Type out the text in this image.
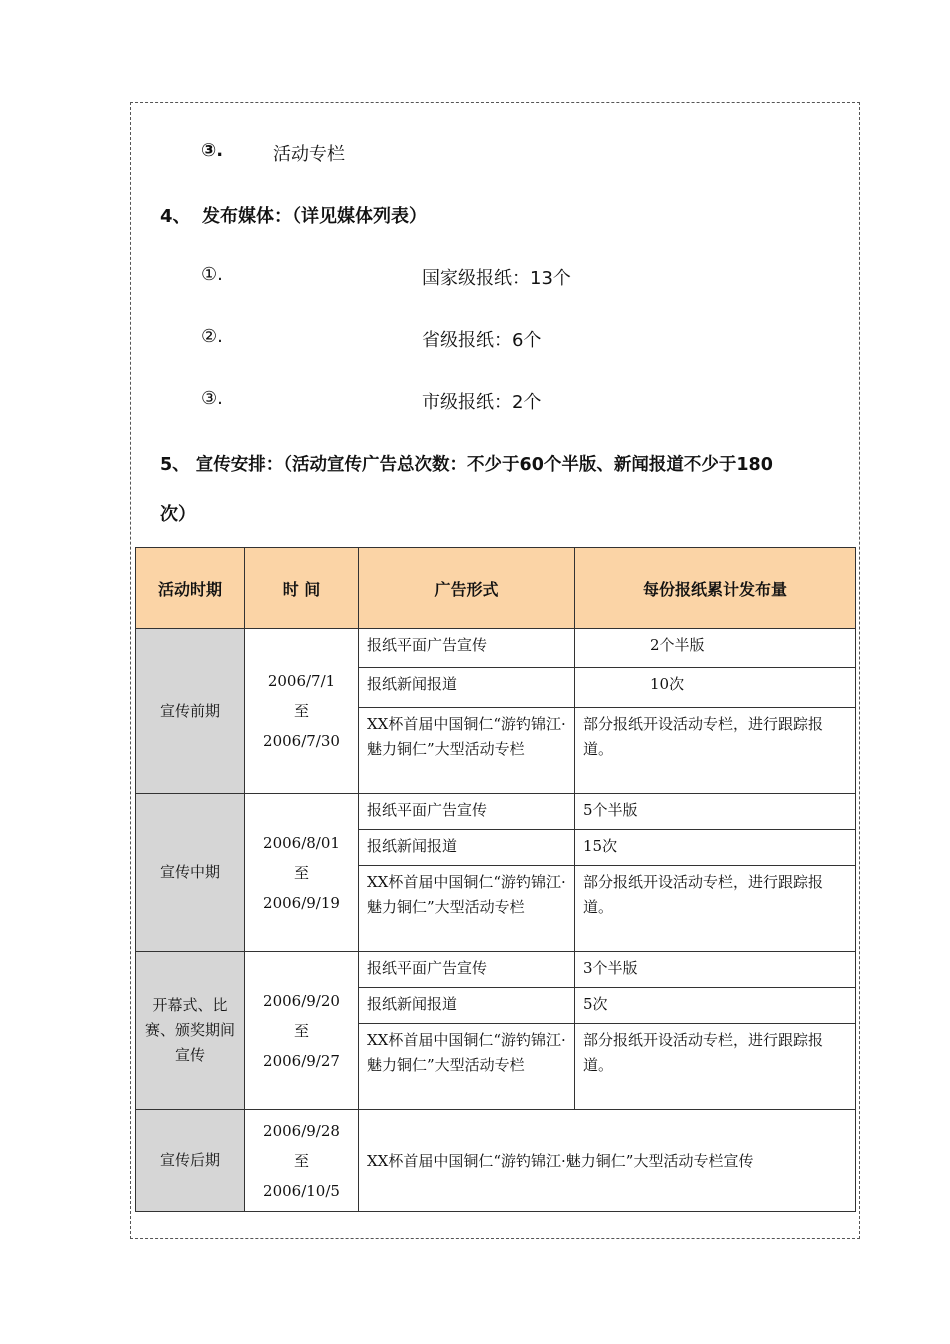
③.	活动专栏
4、 发布媒体：（详见媒体列表）
①.	国家级报纸：13个
②.	省级报纸：6个
③.	市级报纸：2个
5、 宣传安排：（活动宣传广告总次数：不少于60个半版、新闻报道不少于180
次）
活动时期	时 间	广告形式	每份报纸累计发布量
宣传前期	2006/7/1
至
2006/7/30	报纸平面广告宣传	2个半版
		报纸新闻报道	10次
		XX杯首届中国铜仁“游钓锦江·魅力铜仁”大型活动专栏	部分报纸开设活动专栏，进行跟踪报道。
宣传中期	2006/8/01
至
2006/9/19	报纸平面广告宣传	5个半版
		报纸新闻报道	15次
		XX杯首届中国铜仁“游钓锦江·魅力铜仁”大型活动专栏	部分报纸开设活动专栏，进行跟踪报道。
开幕式、比赛、颁奖期间宣传	2006/9/20
至
2006/9/27	报纸平面广告宣传	3个半版
		报纸新闻报道	5次
		XX杯首届中国铜仁“游钓锦江·魅力铜仁”大型活动专栏	部分报纸开设活动专栏，进行跟踪报道。
宣传后期	2006/9/28
至
2006/10/5	XX杯首届中国铜仁“游钓锦江·魅力铜仁”大型活动专栏宣传	
